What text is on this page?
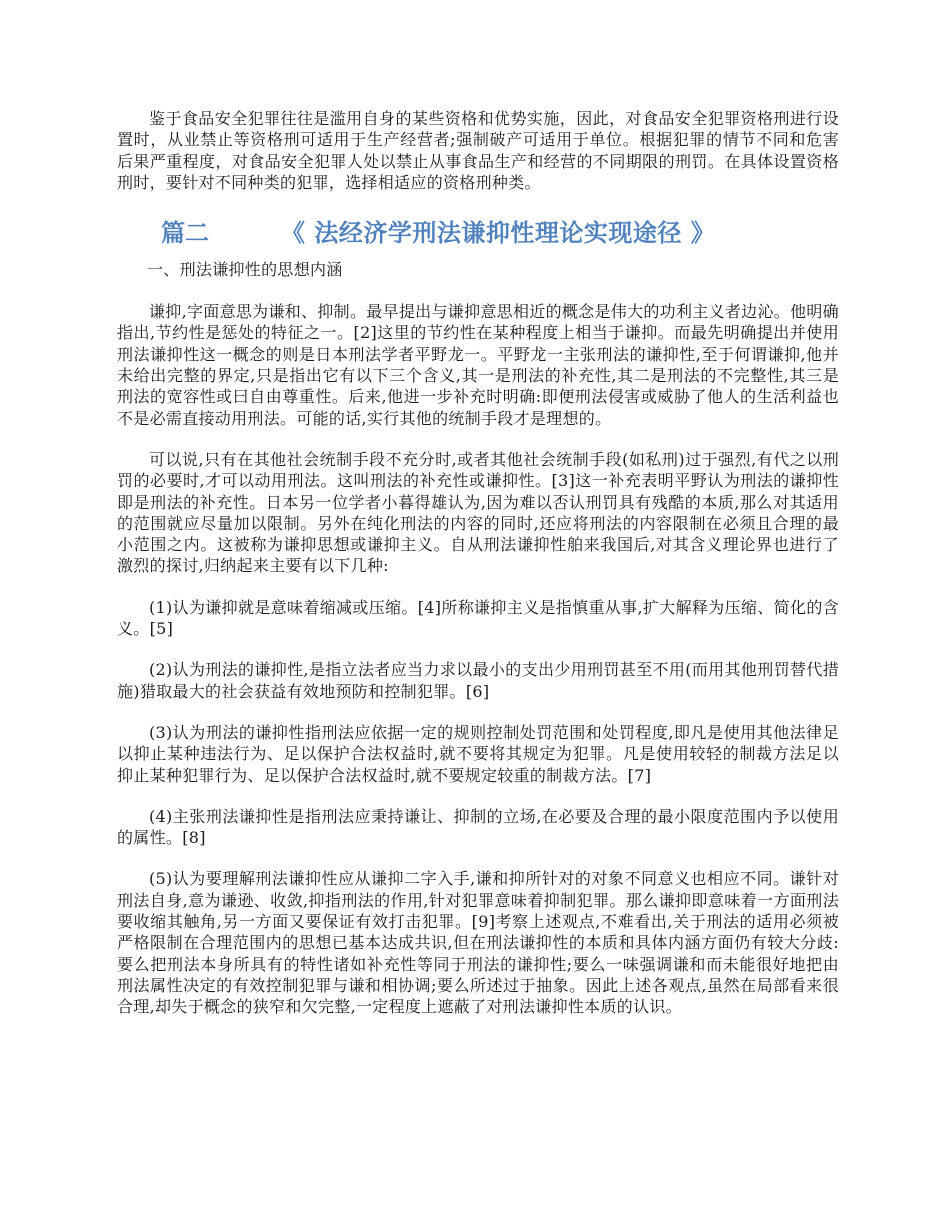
鉴于食品安全犯罪往往是滥用自身的某些资格和优势实施，因此，对食品安全犯罪资格刑进行设置时，从业禁止等资格刑可适用于生产经营者;强制破产可适用于单位。根据犯罪的情节不同和危害后果严重程度，对食品安全犯罪人处以禁止从事食品生产和经营的不同期限的刑罚。在具体设置资格刑时，要针对不同种类的犯罪，选择相适应的资格刑种类。

篇二	《 法经济学刑法谦抑性理论实现途径 》
一、刑法谦抑性的思想内涵

谦抑,字面意思为谦和、抑制。最早提出与谦抑意思相近的概念是伟大的功利主义者边沁。他明确指出,节约性是惩处的特征之一。[2]这里的节约性在某种程度上相当于谦抑。而最先明确提出并使用刑法谦抑性这一概念的则是日本刑法学者平野龙一。平野龙一主张刑法的谦抑性,至于何谓谦抑,他并未给出完整的界定,只是指出它有以下三个含义,其一是刑法的补充性,其二是刑法的不完整性,其三是刑法的宽容性或曰自由尊重性。后来,他进一步补充时明确:即便刑法侵害或威胁了他人的生活利益也不是必需直接动用刑法。可能的话,实行其他的统制手段才是理想的。

可以说,只有在其他社会统制手段不充分时,或者其他社会统制手段(如私刑)过于强烈,有代之以刑罚的必要时,才可以动用刑法。这叫刑法的补充性或谦抑性。[3]这一补充表明平野认为刑法的谦抑性即是刑法的补充性。日本另一位学者小暮得雄认为,因为难以否认刑罚具有残酷的本质,那么对其适用的范围就应尽量加以限制。另外在纯化刑法的内容的同时,还应将刑法的内容限制在必须且合理的最小范围之内。这被称为谦抑思想或谦抑主义。自从刑法谦抑性舶来我国后,对其含义理论界也进行了激烈的探讨,归纳起来主要有以下几种:

(1)认为谦抑就是意味着缩减或压缩。[4]所称谦抑主义是指慎重从事,扩大解释为压缩、简化的含义。[5]

(2)认为刑法的谦抑性,是指立法者应当力求以最小的支出少用刑罚甚至不用(而用其他刑罚替代措施)猎取最大的社会获益有效地预防和控制犯罪。[6]

(3)认为刑法的谦抑性指刑法应依据一定的规则控制处罚范围和处罚程度,即凡是使用其他法律足以抑止某种违法行为、足以保护合法权益时,就不要将其规定为犯罪。凡是使用较轻的制裁方法足以抑止某种犯罪行为、足以保护合法权益时,就不要规定较重的制裁方法。[7]

(4)主张刑法谦抑性是指刑法应秉持谦让、抑制的立场,在必要及合理的最小限度范围内予以使用的属性。[8]

(5)认为要理解刑法谦抑性应从谦抑二字入手,谦和抑所针对的对象不同意义也相应不同。谦针对刑法自身,意为谦逊、收敛,抑指刑法的作用,针对犯罪意味着抑制犯罪。那么谦抑即意味着一方面刑法要收缩其触角,另一方面又要保证有效打击犯罪。[9]考察上述观点,不难看出,关于刑法的适用必须被严格限制在合理范围内的思想已基本达成共识,但在刑法谦抑性的本质和具体内涵方面仍有较大分歧:要么把刑法本身所具有的特性诸如补充性等同于刑法的谦抑性;要么一味强调谦和而未能很好地把由刑法属性决定的有效控制犯罪与谦和相协调;要么所述过于抽象。因此上述各观点,虽然在局部看来很合理,却失于概念的狭窄和欠完整,一定程度上遮蔽了对刑法谦抑性本质的认识。
